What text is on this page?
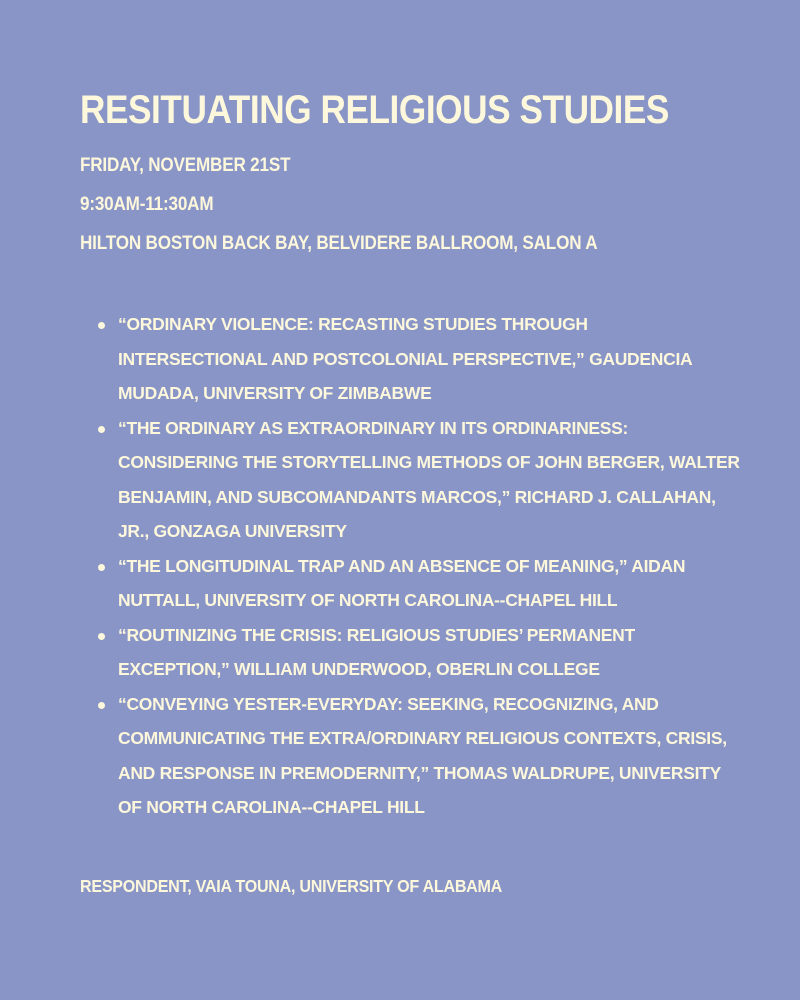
RESITUATING RELIGIOUS STUDIES
FRIDAY, NOVEMBER 21ST
9:30AM-11:30AM
HILTON BOSTON BACK BAY, BELVIDERE BALLROOM, SALON A
“ORDINARY VIOLENCE: RECASTING STUDIES THROUGH INTERSECTIONAL AND POSTCOLONIAL PERSPECTIVE,” GAUDENCIA MUDADA, UNIVERSITY OF ZIMBABWE
“THE ORDINARY AS EXTRAORDINARY IN ITS ORDINARINESS: CONSIDERING THE STORYTELLING METHODS OF JOHN BERGER, WALTER BENJAMIN, AND SUBCOMANDANTS MARCOS,” RICHARD J. CALLAHAN, JR., GONZAGA UNIVERSITY
“THE LONGITUDINAL TRAP AND AN ABSENCE OF MEANING,” AIDAN NUTTALL, UNIVERSITY OF NORTH CAROLINA--CHAPEL HILL
“ROUTINIZING THE CRISIS: RELIGIOUS STUDIES’ PERMANENT EXCEPTION,” WILLIAM UNDERWOOD, OBERLIN COLLEGE
“CONVEYING YESTER-EVERYDAY: SEEKING, RECOGNIZING, AND COMMUNICATING THE EXTRA/ORDINARY RELIGIOUS CONTEXTS, CRISIS, AND RESPONSE IN PREMODERNITY,” THOMAS WALDRUPE, UNIVERSITY OF NORTH CAROLINA--CHAPEL HILL
RESPONDENT, VAIA TOUNA, UNIVERSITY OF ALABAMA
